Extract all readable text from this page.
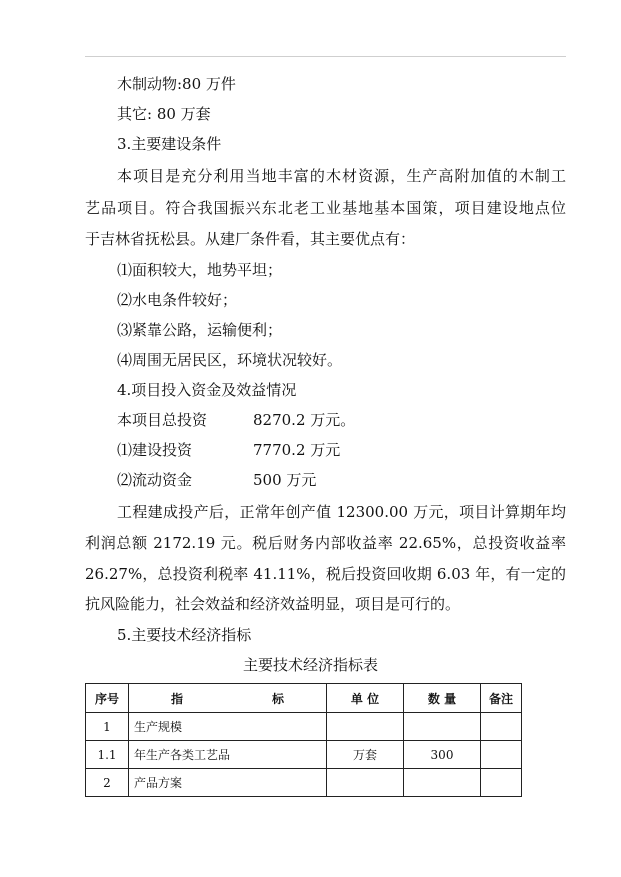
木制动物:80 万件
其它: 80 万套
3.主要建设条件
本项目是充分利用当地丰富的木材资源，生产高附加值的木制工
艺品项目。符合我国振兴东北老工业基地基本国策，项目建设地点位
于吉林省抚松县。从建厂条件看，其主要优点有：
⑴面积较大，地势平坦；
⑵水电条件较好；
⑶紧靠公路，运输便利；
⑷周围无居民区，环境状况较好。
4.项目投入资金及效益情况
本项目总投资	8270.2 万元。
⑴建设投资	7770.2 万元
⑵流动资金	500 万元
工程建成投产后，正常年创产值 12300.00 万元，项目计算期年均
利润总额 2172.19 元。税后财务内部收益率 22.65%，总投资收益率
26.27%，总投资利税率 41.11%，税后投资回收期 6.03 年，有一定的
抗风险能力，社会效益和经济效益明显，项目是可行的。
5.主要技术经济指标
主要技术经济指标表
序号	指 标	单 位	数 量	备注
1	生产规模			
1.1	年生产各类工艺品	万套	300	
2	产品方案			
